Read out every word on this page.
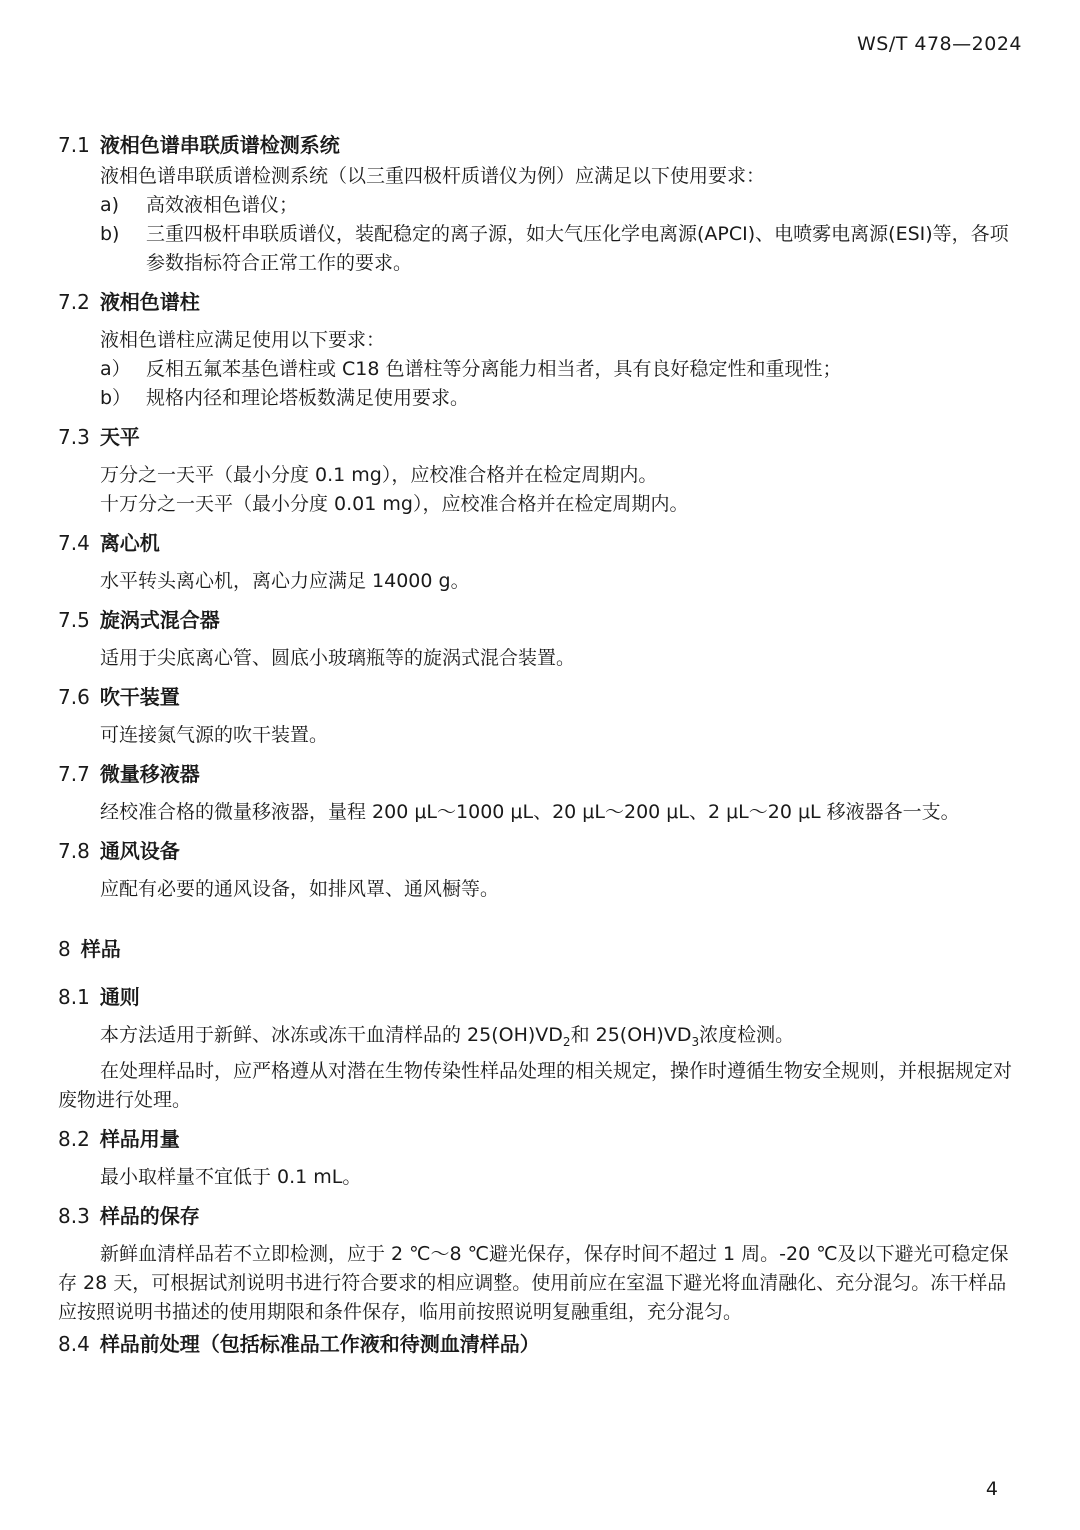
WS/T 478—2024
7.1 液相色谱串联质谱检测系统

液相色谱串联质谱检测系统（以三重四极杆质谱仪为例）应满足以下使用要求：

a) 高效液相色谱仪；

b) 三重四极杆串联质谱仪，装配稳定的离子源，如大气压化学电离源(APCI)、电喷雾电离源(ESI)等，各项参数指标符合正常工作的要求。

7.2 液相色谱柱

液相色谱柱应满足使用以下要求：

a） 反相五氟苯基色谱柱或 C18 色谱柱等分离能力相当者，具有良好稳定性和重现性；

b） 规格内径和理论塔板数满足使用要求。

7.3 天平

万分之一天平（最小分度 0.1 mg），应校准合格并在检定周期内。

十万分之一天平（最小分度 0.01 mg），应校准合格并在检定周期内。

7.4 离心机

水平转头离心机，离心力应满足 14000 g。

7.5 旋涡式混合器

适用于尖底离心管、圆底小玻璃瓶等的旋涡式混合装置。

7.6 吹干装置

可连接氮气源的吹干装置。

7.7 微量移液器

经校准合格的微量移液器，量程 200 μL～1000 μL、20 μL～200 μL、2 μL～20 μL 移液器各一支。

7.8 通风设备

应配有必要的通风设备，如排风罩、通风橱等。

8 样品
8.1 通则

本方法适用于新鲜、冰冻或冻干血清样品的 $25(OH)VD_2$和 $25(OH)VD_3$浓度检测。

在处理样品时，应严格遵从对潜在生物传染性样品处理的相关规定，操作时遵循生物安全规则，并根据规定对废物进行处理。

8.2 样品用量

最小取样量不宜低于 0.1 mL。

8.3 样品的保存

新鲜血清样品若不立即检测，应于 2 ℃～8 ℃避光保存，保存时间不超过 1 周。-20 ℃及以下避光可稳定保存 28 天，可根据试剂说明书进行符合要求的相应调整。使用前应在室温下避光将血清融化、充分混匀。冻干样品应按照说明书描述的使用期限和条件保存，临用前按照说明复融重组，充分混匀。

8.4 样品前处理（包括标准品工作液和待测血清样品）
4
